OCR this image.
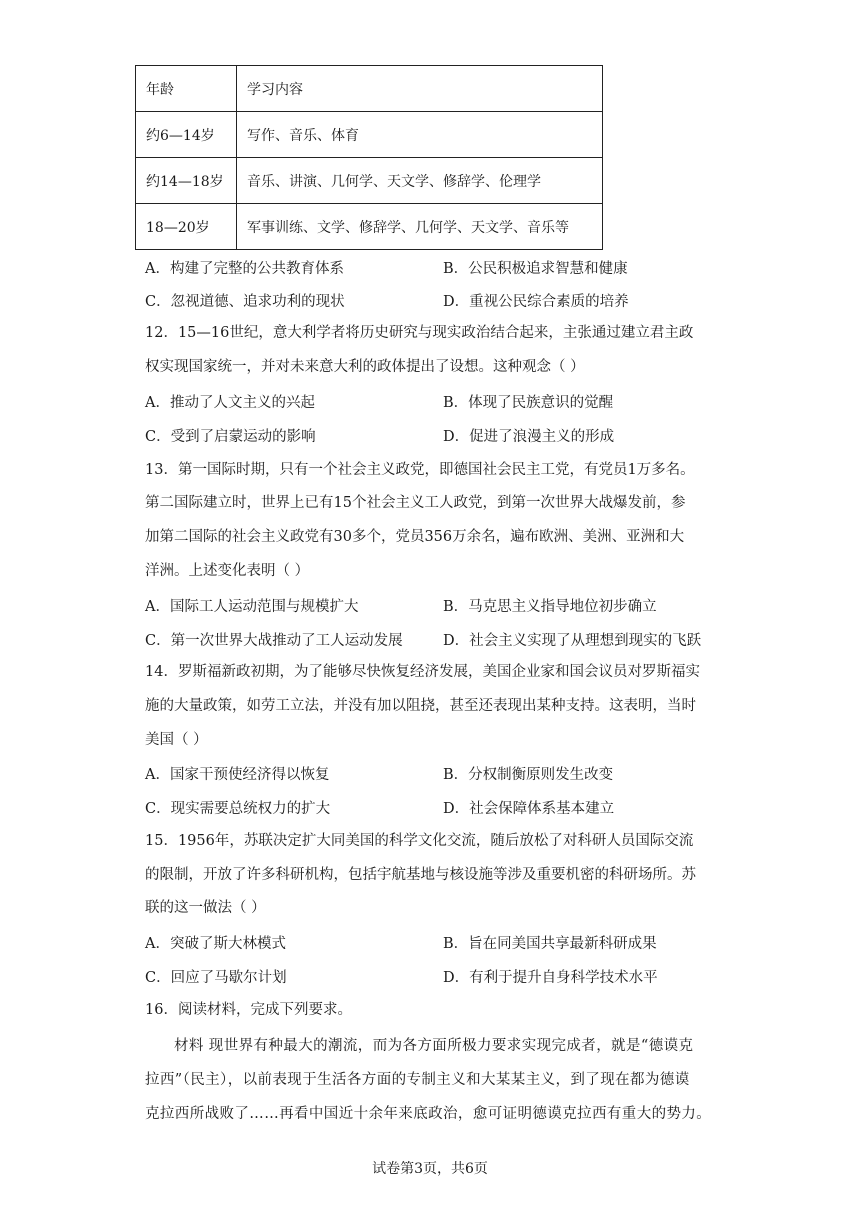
年龄	学习内容
约6—14岁	写作、音乐、体育
约14—18岁	音乐、讲演、几何学、天文学、修辞学、伦理学
18—20岁	军事训练、文学、修辞学、几何学、天文学、音乐等
A．构建了完整的公共教育体系	B．公民积极追求智慧和健康
C．忽视道德、追求功利的现状	D．重视公民综合素质的培养
12．15—16世纪，意大利学者将历史研究与现实政治结合起来，主张通过建立君主政
权实现国家统一，并对未来意大利的政体提出了设想。这种观念（ ）
A．推动了人文主义的兴起	B．体现了民族意识的觉醒
C．受到了启蒙运动的影响	D．促进了浪漫主义的形成
13．第一国际时期，只有一个社会主义政党，即德国社会民主工党，有党员1万多名。
第二国际建立时，世界上已有15个社会主义工人政党，到第一次世界大战爆发前，参
加第二国际的社会主义政党有30多个，党员356万余名，遍布欧洲、美洲、亚洲和大
洋洲。上述变化表明（ ）
A．国际工人运动范围与规模扩大	B．马克思主义指导地位初步确立
C．第一次世界大战推动了工人运动发展	D．社会主义实现了从理想到现实的飞跃
14．罗斯福新政初期，为了能够尽快恢复经济发展，美国企业家和国会议员对罗斯福实
施的大量政策，如劳工立法，并没有加以阻挠，甚至还表现出某种支持。这表明，当时
美国（ ）
A．国家干预使经济得以恢复	B．分权制衡原则发生改变
C．现实需要总统权力的扩大	D．社会保障体系基本建立
15．1956年，苏联决定扩大同美国的科学文化交流，随后放松了对科研人员国际交流
的限制，开放了许多科研机构，包括宇航基地与核设施等涉及重要机密的科研场所。苏
联的这一做法（ ）
A．突破了斯大林模式	B．旨在同美国共享最新科研成果
C．回应了马歇尔计划	D．有利于提升自身科学技术水平
16．阅读材料，完成下列要求。
材料 现世界有种最大的潮流，而为各方面所极力要求实现完成者，就是“德谟克
拉西”（民主），以前表现于生活各方面的专制主义和大某某主义，到了现在都为德谟
克拉西所战败了……再看中国近十余年来底政治，愈可证明德谟克拉西有重大的势力。
试卷第3页，共6页
